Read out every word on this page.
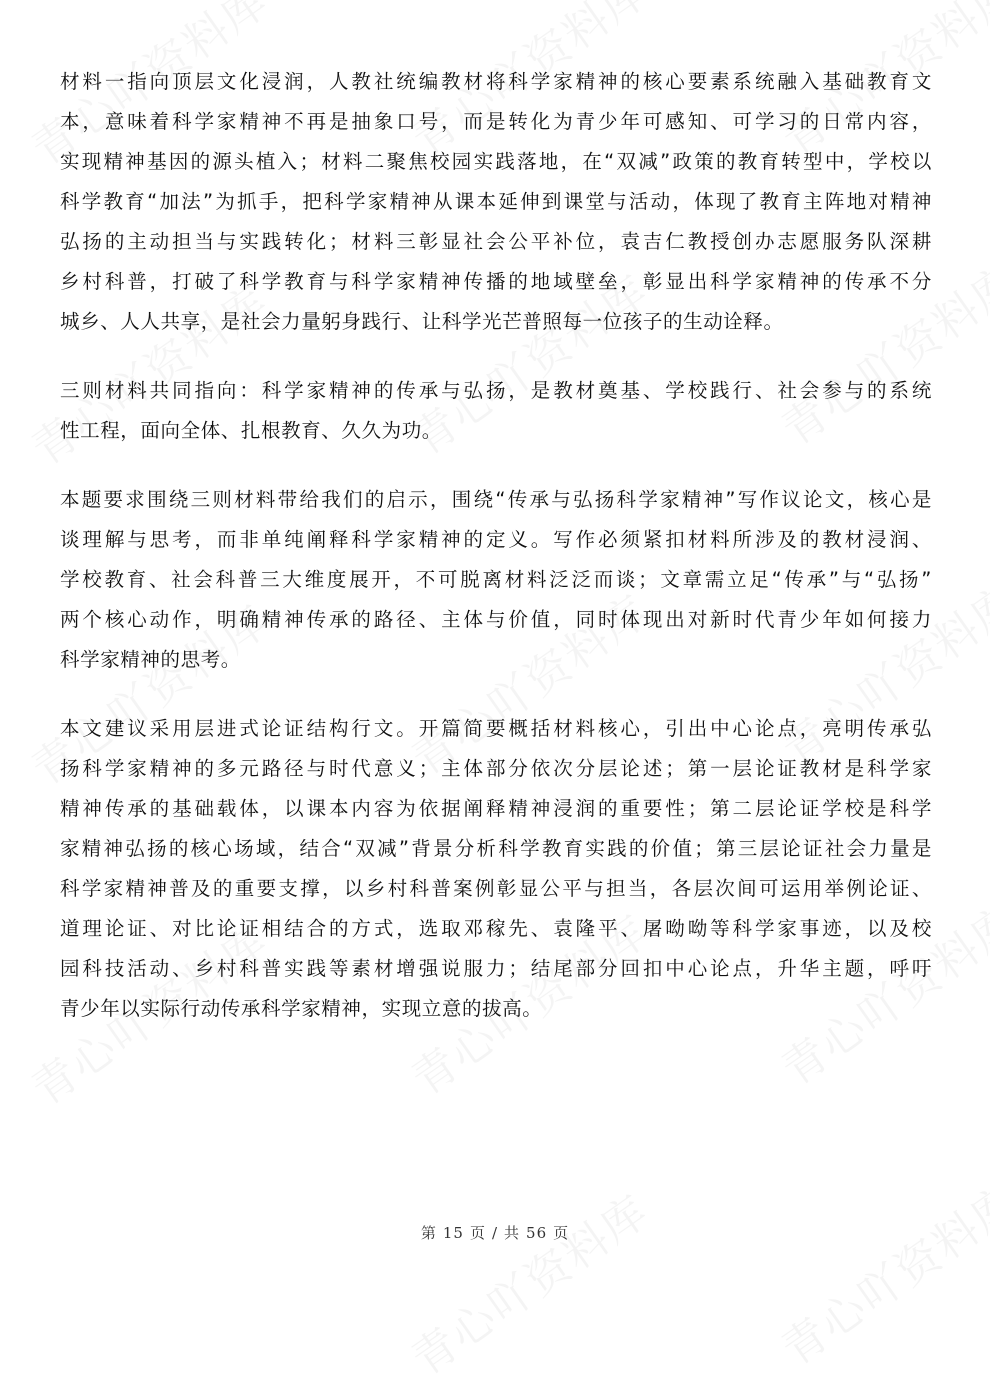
材料一指向顶层文化浸润，人教社统编教材将科学家精神的核心要素系统融入基础教育文
本，意味着科学家精神不再是抽象口号，而是转化为青少年可感知、可学习的日常内容，
实现精神基因的源头植入；材料二聚焦校园实践落地，在“双减”政策的教育转型中，学校以
科学教育“加法”为抓手，把科学家精神从课本延伸到课堂与活动，体现了教育主阵地对精神
弘扬的主动担当与实践转化；材料三彰显社会公平补位，袁吉仁教授创办志愿服务队深耕
乡村科普，打破了科学教育与科学家精神传播的地域壁垒，彰显出科学家精神的传承不分
城乡、人人共享，是社会力量躬身践行、让科学光芒普照每一位孩子的生动诠释。

三则材料共同指向：科学家精神的传承与弘扬，是教材奠基、学校践行、社会参与的系统
性工程，面向全体、扎根教育、久久为功。

本题要求围绕三则材料带给我们的启示，围绕“传承与弘扬科学家精神”写作议论文，核心是
谈理解与思考，而非单纯阐释科学家精神的定义。写作必须紧扣材料所涉及的教材浸润、
学校教育、社会科普三大维度展开，不可脱离材料泛泛而谈；文章需立足“传承”与“弘扬”
两个核心动作，明确精神传承的路径、主体与价值，同时体现出对新时代青少年如何接力
科学家精神的思考。

本文建议采用层进式论证结构行文。开篇简要概括材料核心，引出中心论点，亮明传承弘
扬科学家精神的多元路径与时代意义；主体部分依次分层论述；第一层论证教材是科学家
精神传承的基础载体，以课本内容为依据阐释精神浸润的重要性；第二层论证学校是科学
家精神弘扬的核心场域，结合“双减”背景分析科学教育实践的价值；第三层论证社会力量是
科学家精神普及的重要支撑，以乡村科普案例彰显公平与担当，各层次间可运用举例论证、
道理论证、对比论证相结合的方式，选取邓稼先、袁隆平、屠呦呦等科学家事迹，以及校
园科技活动、乡村科普实践等素材增强说服力；结尾部分回扣中心论点，升华主题，呼吁
青少年以实际行动传承科学家精神，实现立意的拔高。

第 15 页 / 共 56 页
